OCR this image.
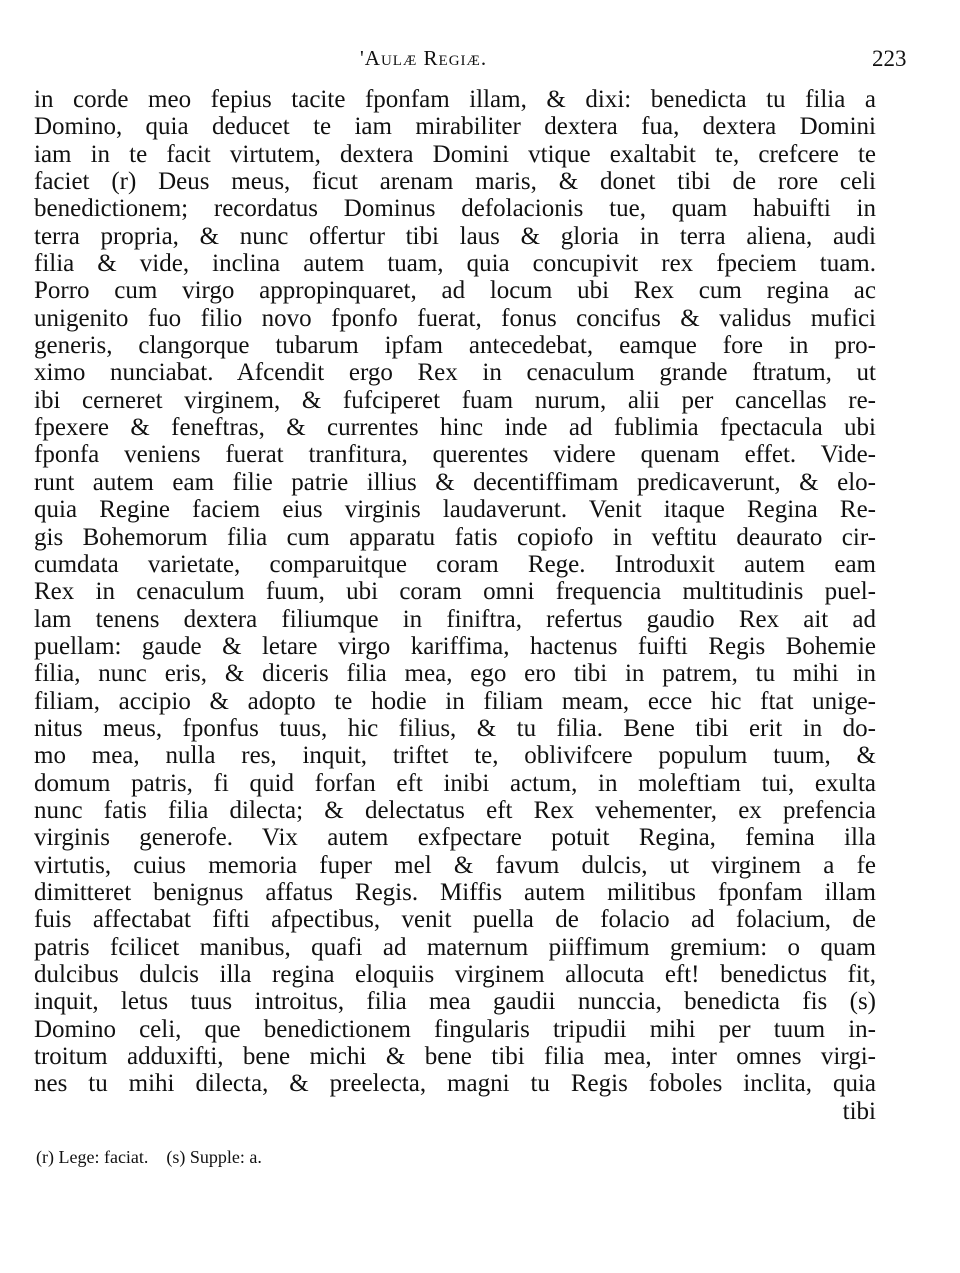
'Aulæ Regiæ.	223
in corde meo fepius tacite fponfam illam, & dixi: benedicta tu filia a
Domino, quia deducet te iam mirabiliter dextera fua, dextera Domini
iam in te facit virtutem, dextera Domini vtique exaltabit te, crefcere te
faciet (r) Deus meus, ficut arenam maris, & donet tibi de rore celi
benedictionem; recordatus Dominus defolacionis tue, quam habuifti in
terra propria, & nunc offertur tibi laus & gloria in terra aliena, audi
filia & vide, inclina autem tuam, quia concupivit rex fpeciem tuam.
Porro cum virgo appropinquaret, ad locum ubi Rex cum regina ac
unigenito fuo filio novo fponfo fuerat, fonus concifus & validus mufici
generis, clangorque tubarum ipfam antecedebat, eamque fore in pro-
ximo nunciabat. Afcendit ergo Rex in cenaculum grande ftratum, ut
ibi cerneret virginem, & fufciperet fuam nurum, alii per cancellas re-
fpexere & feneftras, & currentes hinc inde ad fublimia fpectacula ubi
fponfa veniens fuerat tranfitura, querentes videre quenam effet. Vide-
runt autem eam filie patrie illius & decentiffimam predicaverunt, & elo-
quia Regine faciem eius virginis laudaverunt. Venit itaque Regina Re-
gis Bohemorum filia cum apparatu fatis copiofo in veftitu deaurato cir-
cumdata varietate, comparuitque coram Rege. Introduxit autem eam
Rex in cenaculum fuum, ubi coram omni frequencia multitudinis puel-
lam tenens dextera filiumque in finiftra, refertus gaudio Rex ait ad
puellam: gaude & letare virgo kariffima, hactenus fuifti Regis Bohemie
filia, nunc eris, & diceris filia mea, ego ero tibi in patrem, tu mihi in
filiam, accipio & adopto te hodie in filiam meam, ecce hic ftat unige-
nitus meus, fponfus tuus, hic filius, & tu filia. Bene tibi erit in do-
mo mea, nulla res, inquit, triftet te, oblivifcere populum tuum, &
domum patris, fi quid forfan eft inibi actum, in moleftiam tui, exulta
nunc fatis filia dilecta; & delectatus eft Rex vehementer, ex prefencia
virginis generofe. Vix autem exfpectare potuit Regina, femina illa
virtutis, cuius memoria fuper mel & favum dulcis, ut virginem a fe
dimitteret benignus affatus Regis. Miffis autem militibus fponfam illam
fuis affectabat fifti afpectibus, venit puella de folacio ad folacium, de
patris fcilicet manibus, quafi ad maternum piiffimum gremium: o quam
dulcibus dulcis illa regina eloquiis virginem allocuta eft! benedictus fit,
inquit, letus tuus introitus, filia mea gaudii nunccia, benedicta fis (s)
Domino celi, que benedictionem fingularis tripudii mihi per tuum in-
troitum adduxifti, bene michi & bene tibi filia mea, inter omnes virgi-
nes tu mihi dilecta, & preelecta, magni tu Regis foboles inclita, quia
tibi
(r) Lege: faciat. (s) Supple: a.
